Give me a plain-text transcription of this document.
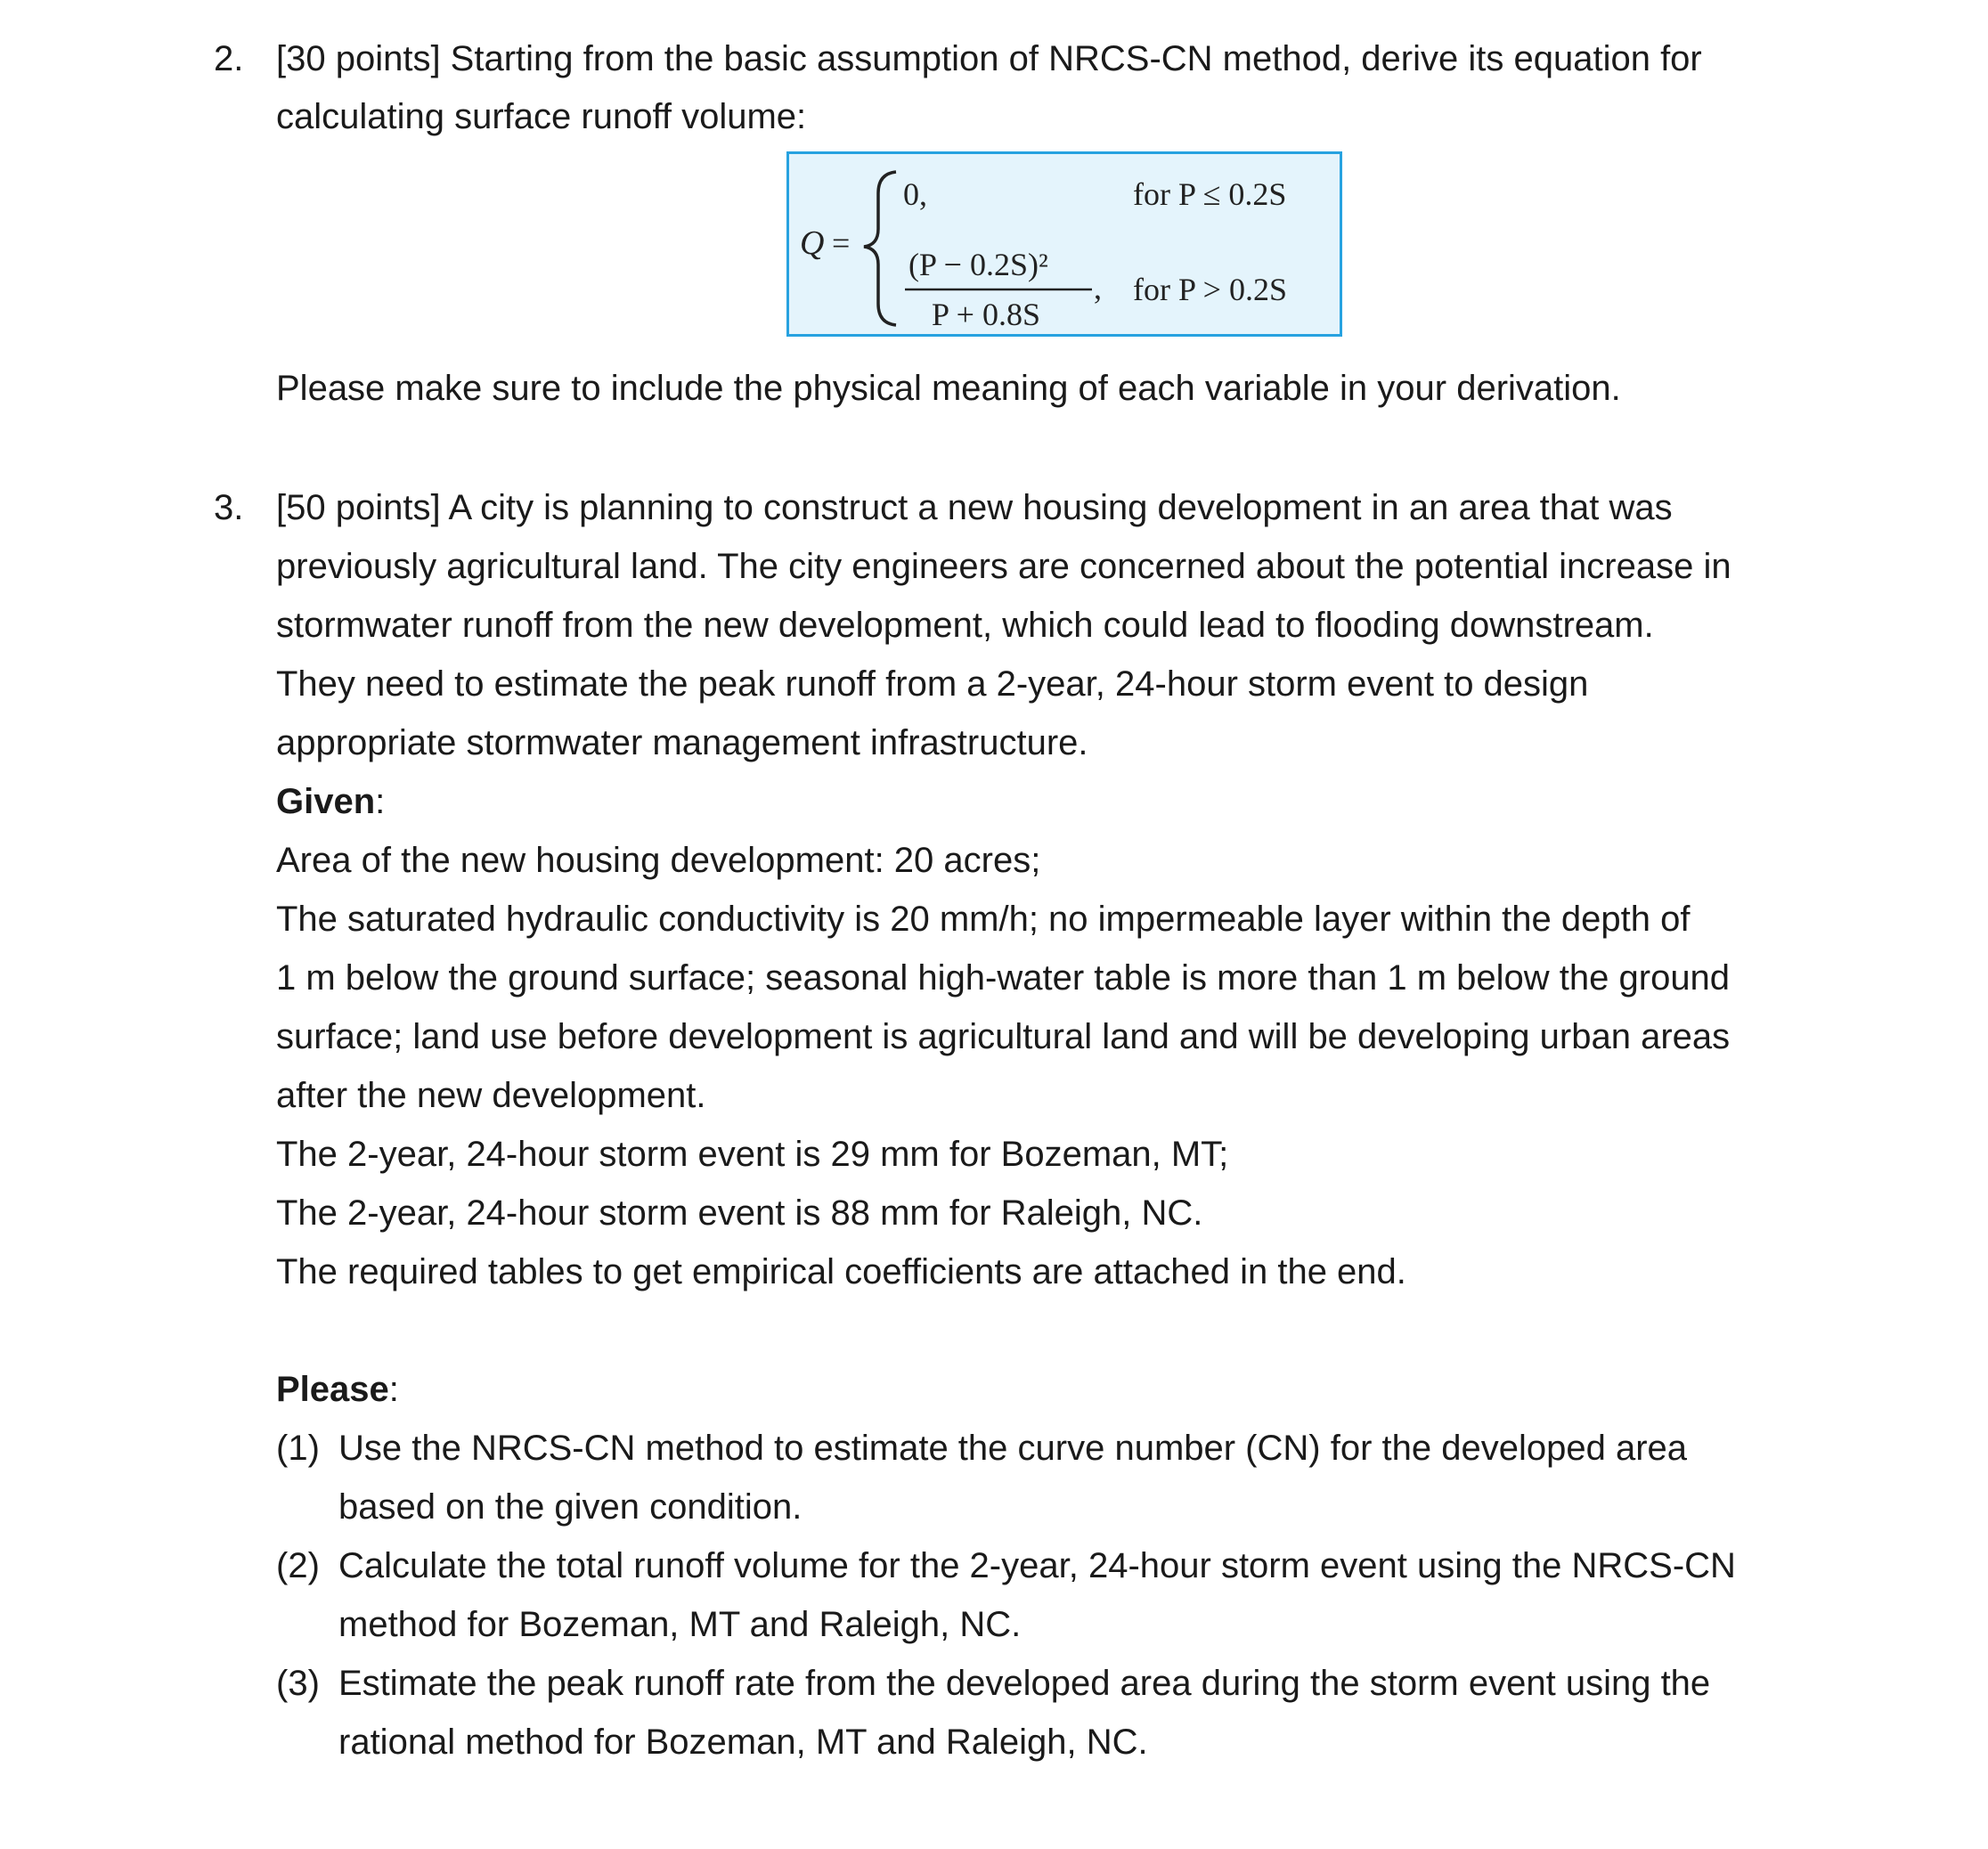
2. [30 points] Starting from the basic assumption of NRCS-CN method, derive its equation for
calculating surface runoff volume:
Q =
0,	for P ≤ 0.2S
(P − 0.2S)²
P + 0.8S
, for P > 0.2S
Please make sure to include the physical meaning of each variable in your derivation.
3. [50 points] A city is planning to construct a new housing development in an area that was
previously agricultural land. The city engineers are concerned about the potential increase in
stormwater runoff from the new development, which could lead to flooding downstream.
They need to estimate the peak runoff from a 2-year, 24-hour storm event to design
appropriate stormwater management infrastructure.
Given:
Area of the new housing development: 20 acres;
The saturated hydraulic conductivity is 20 mm/h; no impermeable layer within the depth of
1 m below the ground surface; seasonal high-water table is more than 1 m below the ground
surface; land use before development is agricultural land and will be developing urban areas
after the new development.
The 2-year, 24-hour storm event is 29 mm for Bozeman, MT;
The 2-year, 24-hour storm event is 88 mm for Raleigh, NC.
The required tables to get empirical coefficients are attached in the end.
Please:
(1) Use the NRCS-CN method to estimate the curve number (CN) for the developed area
based on the given condition.
(2) Calculate the total runoff volume for the 2-year, 24-hour storm event using the NRCS-CN
method for Bozeman, MT and Raleigh, NC.
(3) Estimate the peak runoff rate from the developed area during the storm event using the
rational method for Bozeman, MT and Raleigh, NC.
